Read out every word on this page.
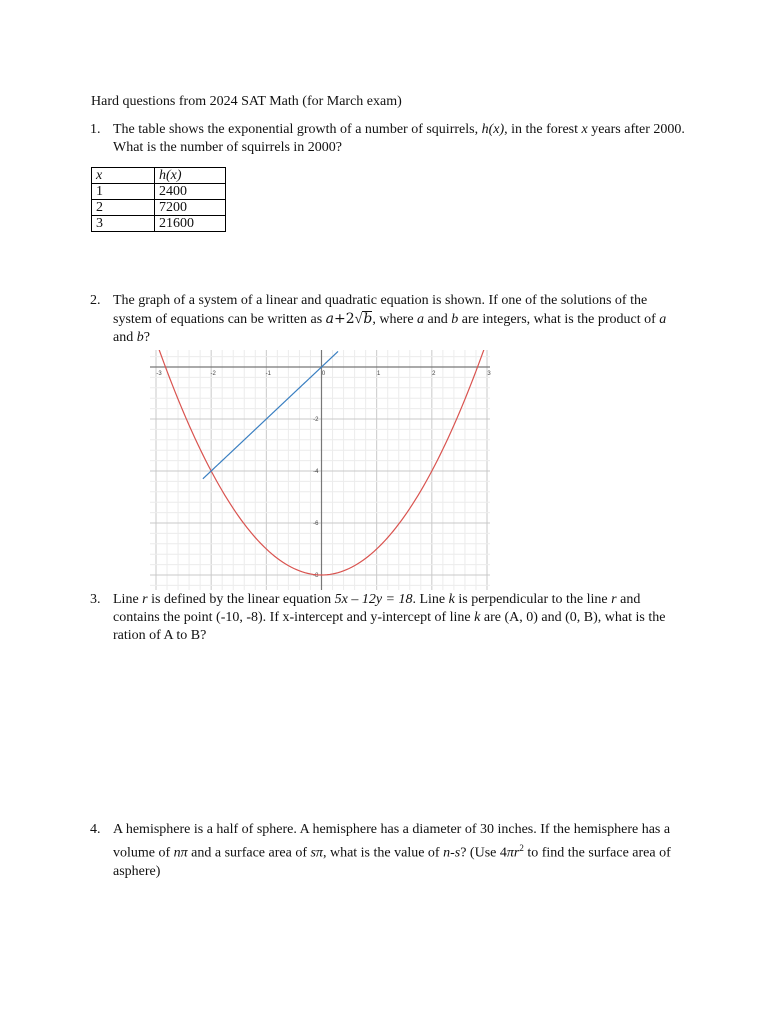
Hard questions from 2024 SAT Math (for March exam)
1. The table shows the exponential growth of a number of squirrels, h(x), in the forest x years after 2000.
What is the number of squirrels in 2000?
x	h(x)
1	2400
2	7200
3	21600
2. The graph of a system of a linear and quadratic equation is shown. If one of the solutions of the
system of equations can be written as a+2√b, where a and b are integers, what is the product of a
and b?
-3	-2	-1	0	1	2	3
-2
-4
-6
-8
3. Line r is defined by the linear equation 5x – 12y = 18. Line k is perpendicular to the line r and
contains the point (-10, -8). If x-intercept and y-intercept of line k are (A, 0) and (0, B), what is the
ration of A to B?
4. A hemisphere is a half of sphere. A hemisphere has a diameter of 30 inches. If the hemisphere has a
volume of nπ and a surface area of sπ, what is the value of n-s? (Use $4\pi r^2$ to find the surface area of
asphere)
